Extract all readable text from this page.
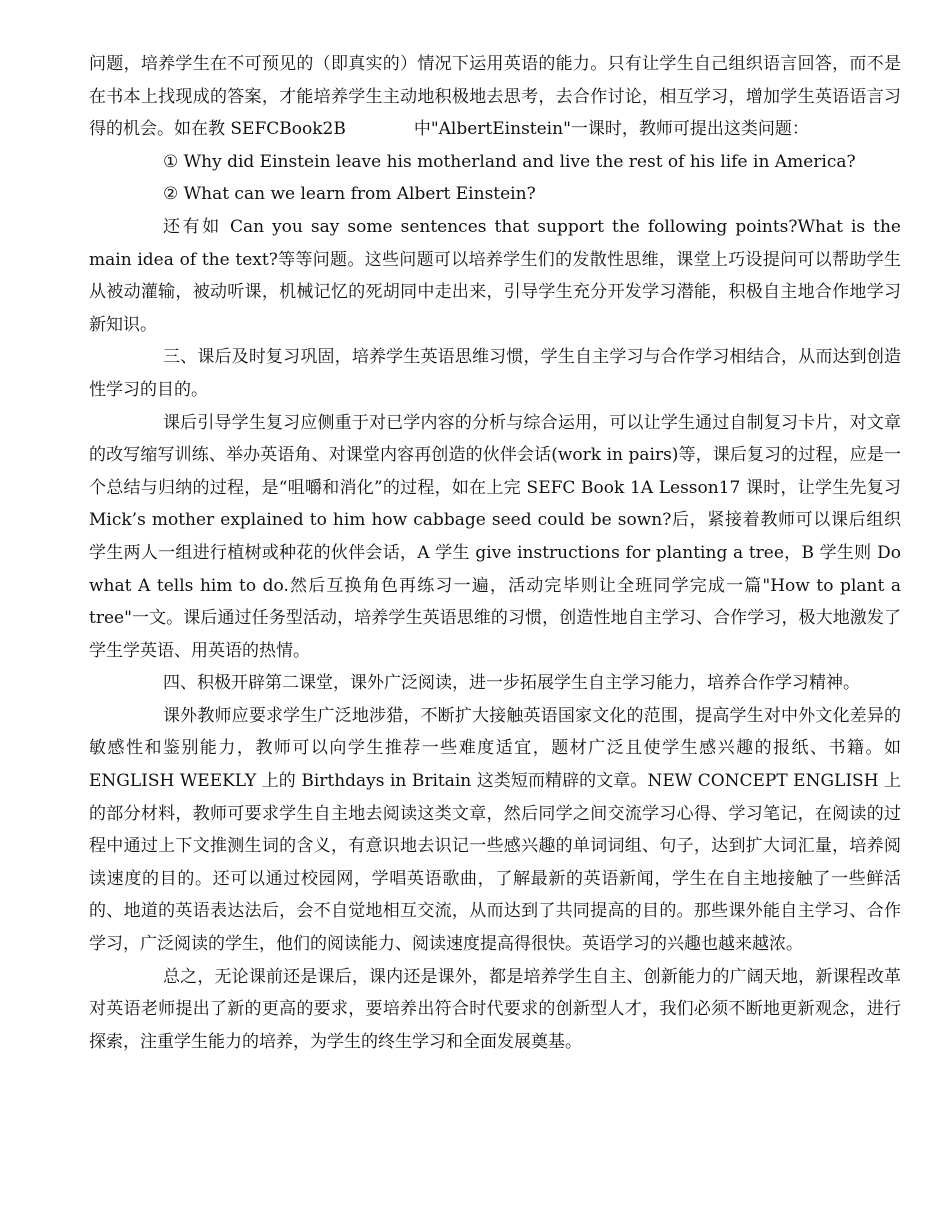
问题，培养学生在不可预见的（即真实的）情况下运用英语的能力。只有让学生自己组织语言回答，而不是在书本上找现成的答案，才能培养学生主动地积极地去思考，去合作讨论，相互学习，增加学生英语语言习得的机会。如在教 SEFCBook2B　　　　中"AlbertEinstein"一课时，教师可提出这类问题：

① Why did Einstein leave his motherland and live the rest of his life in America?

② What can we learn from Albert Einstein?

还有如 Can you say some sentences that support the following points?What is the main idea of the text?等等问题。这些问题可以培养学生们的发散性思维，课堂上巧设提问可以帮助学生从被动灌输，被动听课，机械记忆的死胡同中走出来，引导学生充分开发学习潜能，积极自主地合作地学习新知识。

三、课后及时复习巩固，培养学生英语思维习惯，学生自主学习与合作学习相结合，从而达到创造性学习的目的。

课后引导学生复习应侧重于对已学内容的分析与综合运用，可以让学生通过自制复习卡片，对文章的改写缩写训练、举办英语角、对课堂内容再创造的伙伴会话(work in pairs)等，课后复习的过程，应是一个总结与归纳的过程，是“咀嚼和消化”的过程，如在上完 SEFC Book 1A Lesson17 课时，让学生先复习 Mick’s mother explained to him how cabbage seed could be sown?后，紧接着教师可以课后组织学生两人一组进行植树或种花的伙伴会话，A 学生 give instructions for planting a tree，B 学生则 Do what A tells him to do.然后互换角色再练习一遍，活动完毕则让全班同学完成一篇"How to plant a tree"一文。课后通过任务型活动，培养学生英语思维的习惯，创造性地自主学习、合作学习，极大地激发了学生学英语、用英语的热情。

四、积极开辟第二课堂，课外广泛阅读，进一步拓展学生自主学习能力，培养合作学习精神。

课外教师应要求学生广泛地涉猎，不断扩大接触英语国家文化的范围，提高学生对中外文化差异的敏感性和鉴别能力，教师可以向学生推荐一些难度适宜，题材广泛且使学生感兴趣的报纸、书籍。如 ENGLISH WEEKLY 上的 Birthdays in Britain 这类短而精辟的文章。NEW CONCEPT ENGLISH 上的部分材料，教师可要求学生自主地去阅读这类文章，然后同学之间交流学习心得、学习笔记，在阅读的过程中通过上下文推测生词的含义，有意识地去识记一些感兴趣的单词词组、句子，达到扩大词汇量，培养阅读速度的目的。还可以通过校园网，学唱英语歌曲，了解最新的英语新闻，学生在自主地接触了一些鲜活的、地道的英语表达法后，会不自觉地相互交流，从而达到了共同提高的目的。那些课外能自主学习、合作学习，广泛阅读的学生，他们的阅读能力、阅读速度提高得很快。英语学习的兴趣也越来越浓。

总之，无论课前还是课后，课内还是课外，都是培养学生自主、创新能力的广阔天地，新课程改革对英语老师提出了新的更高的要求，要培养出符合时代要求的创新型人才，我们必须不断地更新观念，进行探索，注重学生能力的培养，为学生的终生学习和全面发展奠基。
